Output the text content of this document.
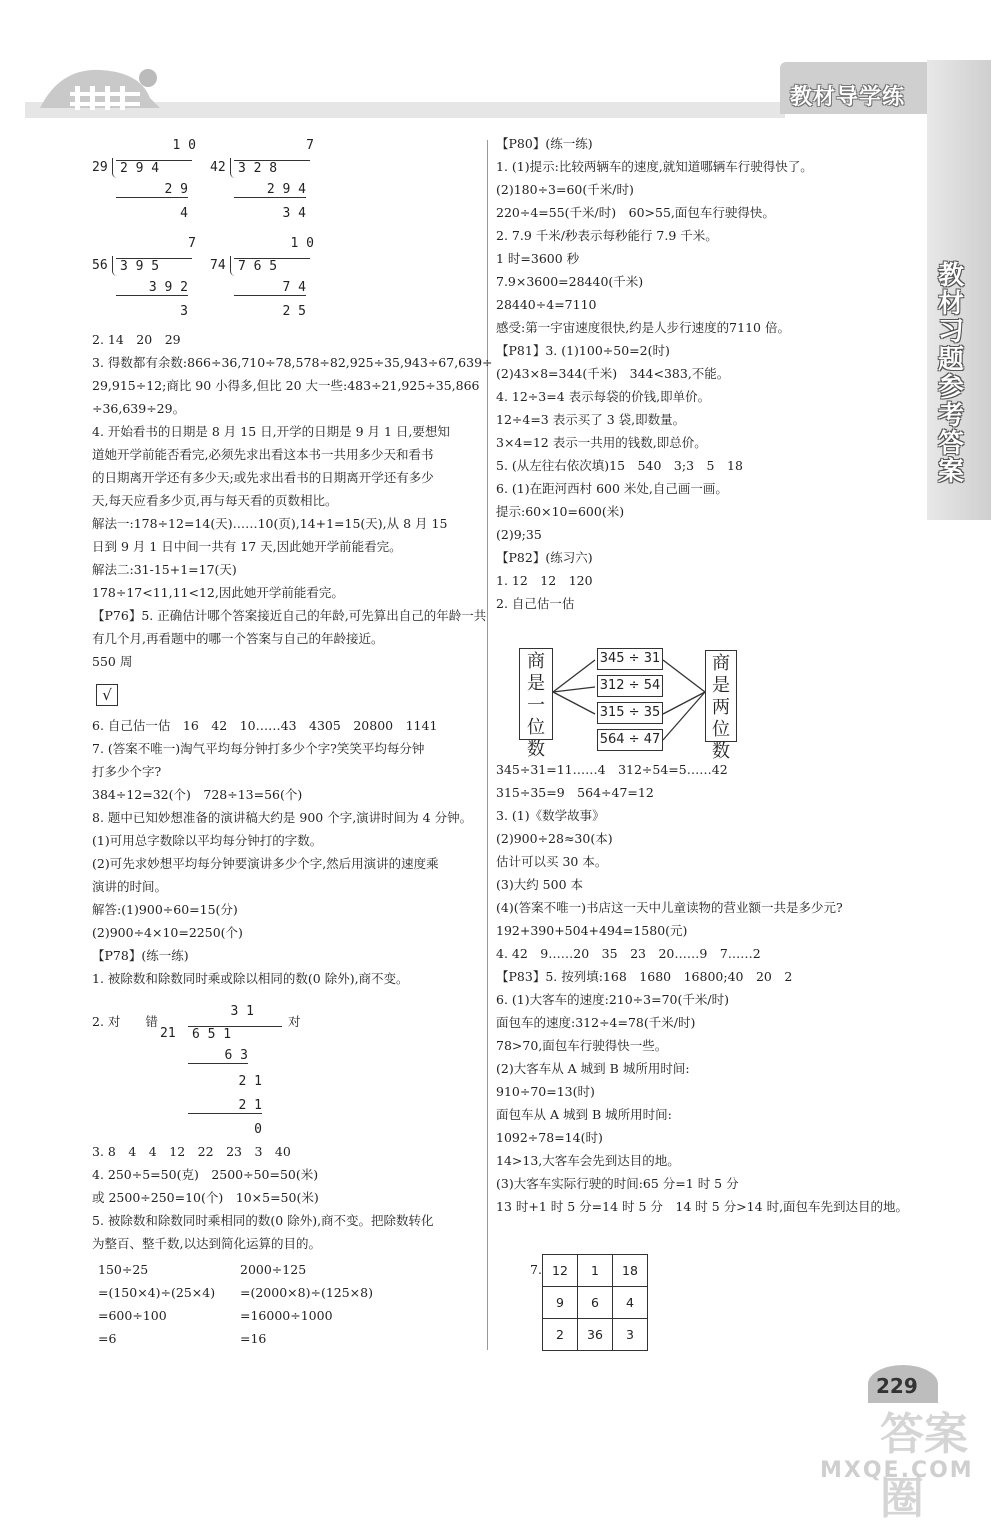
教材导学练
教材习题参考答案
1 0
29 2 9 4
2 9
4
7
42 3 2 8
2 9 4
3 4
7
56 3 9 5
3 9 2
3
1 0
74 7 6 5
7 4
2 5
2. 14　20　29
3. 得数都有余数:866÷36,710÷78,578÷82,925÷35,943÷67,639÷
29,915÷12;商比 90 小得多,但比 20 大一些:483÷21,925÷35,866
÷36,639÷29。
4. 开始看书的日期是 8 月 15 日,开学的日期是 9 月 1 日,要想知
道她开学前能否看完,必须先求出看这本书一共用多少天和看书
的日期离开学还有多少天;或先求出看书的日期离开学还有多少
天,每天应看多少页,再与每天看的页数相比。
解法一:178÷12=14(天)……10(页),14+1=15(天),从 8 月 15
日到 9 月 1 日中间一共有 17 天,因此她开学前能看完。
解法二:31-15+1=17(天)
178÷17<11,11<12,因此她开学前能看完。
【P76】5. 正确估计哪个答案接近自己的年龄,可先算出自己的年龄一共
有几个月,再看题中的哪一个答案与自己的年龄接近。
550 周
√
6. 自己估一估　16　42　10……43　4305　20800　1141
7. (答案不唯一)淘气平均每分钟打多少个字?笑笑平均每分钟
打多少个字?
384÷12=32(个)　728÷13=56(个)
8. 题中已知妙想准备的演讲稿大约是 900 个字,演讲时间为 4 分钟。
(1)可用总字数除以平均每分钟打的字数。
(2)可先求妙想平均每分钟要演讲多少个字,然后用演讲的速度乘
演讲的时间。
解答:(1)900÷60=15(分)
(2)900÷4×10=2250(个)
【P78】(练一练)
1. 被除数和除数同时乘或除以相同的数(0 除外),商不变。
2. 对　　错	对
3 1
21	6 5 1
6 3
2 1
2 1
0
3. 8　4　4　12　22　23　3　40
4. 250÷5=50(克)　2500÷50=50(米)
或 2500÷250=10(个)　10×5=50(米)
5. 被除数和除数同时乘相同的数(0 除外),商不变。把除数转化
为整百、整千数,以达到简化运算的目的。
150÷25
=(150×4)÷(25×4)
=600÷100
=6
2000÷125
=(2000×8)÷(125×8)
=16000÷1000
=16
【P80】(练一练)
1. (1)提示:比较两辆车的速度,就知道哪辆车行驶得快了。
(2)180÷3=60(千米/时)
220÷4=55(千米/时)　60>55,面包车行驶得快。
2. 7.9 千米/秒表示每秒能行 7.9 千米。
1 时=3600 秒
7.9×3600=28440(千米)
28440÷4=7110
感受:第一宇宙速度很快,约是人步行速度的7110 倍。
【P81】3. (1)100÷50=2(时)
(2)43×8=344(千米)　344<383,不能。
4. 12÷3=4 表示每袋的价钱,即单价。
12÷4=3 表示买了 3 袋,即数量。
3×4=12 表示一共用的钱数,即总价。
5. (从左往右依次填)15　540　3;3　5　18
6. (1)在距河西村 600 米处,自己画一画。
提示:60×10=600(米)
(2)9;35
【P82】(练习六)
1. 12　12　120
2. 自己估一估
商是一位数
商是两位数
345 ÷ 31
312 ÷ 54
315 ÷ 35
564 ÷ 47
345÷31=11……4　312÷54=5……42
315÷35=9　564÷47=12
3. (1)《数学故事》
(2)900÷28≈30(本)
估计可以买 30 本。
(3)大约 500 本
(4)(答案不唯一)书店这一天中儿童读物的营业额一共是多少元?
192+390+504+494=1580(元)
4. 42　9……20　35　23　20……9　7……2
【P83】5. 按列填:168　1680　16800;40　20　2
6. (1)大客车的速度:210÷3=70(千米/时)
面包车的速度:312÷4=78(千米/时)
78>70,面包车行驶得快一些。
(2)大客车从 A 城到 B 城所用时间:
910÷70=13(时)
面包车从 A 城到 B 城所用时间:
1092÷78=14(时)
14>13,大客车会先到达目的地。
(3)大客车实际行驶的时间:65 分=1 时 5 分
13 时+1 时 5 分=14 时 5 分　14 时 5 分>14 时,面包车先到达目的地。
7. 12	1	18
9	6	4
2	36	3
229
答案圈
MXQE.COM
